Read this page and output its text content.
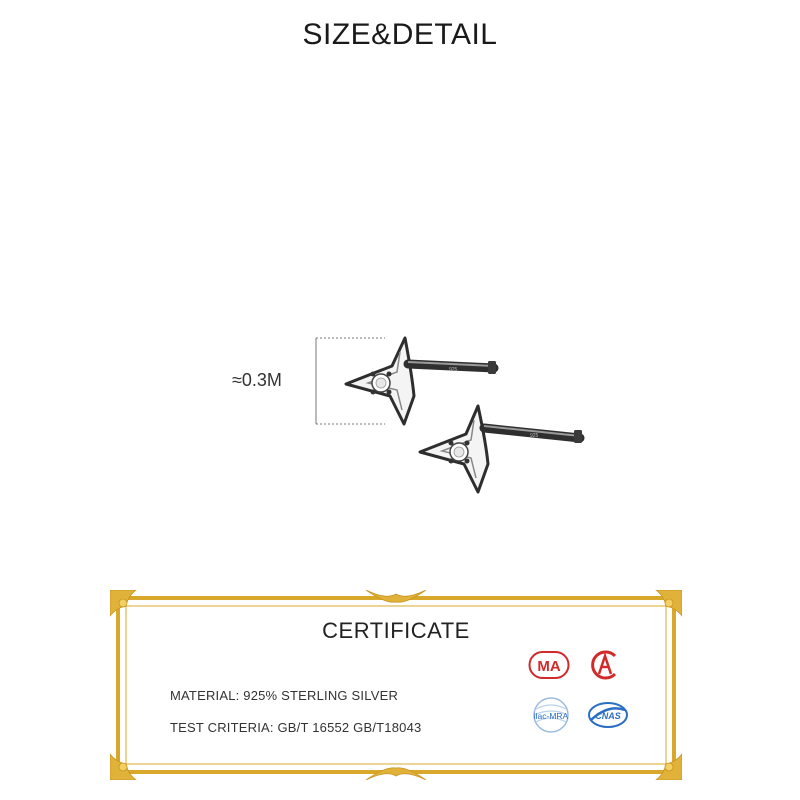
SIZE&DETAIL
925
925
≈0.3M
CERTIFICATE
MATERIAL: 925% STERLING SILVER
TEST CRITERIA: GB/T 16552 GB/T18043
MA
ilac-MRA	CNAS
